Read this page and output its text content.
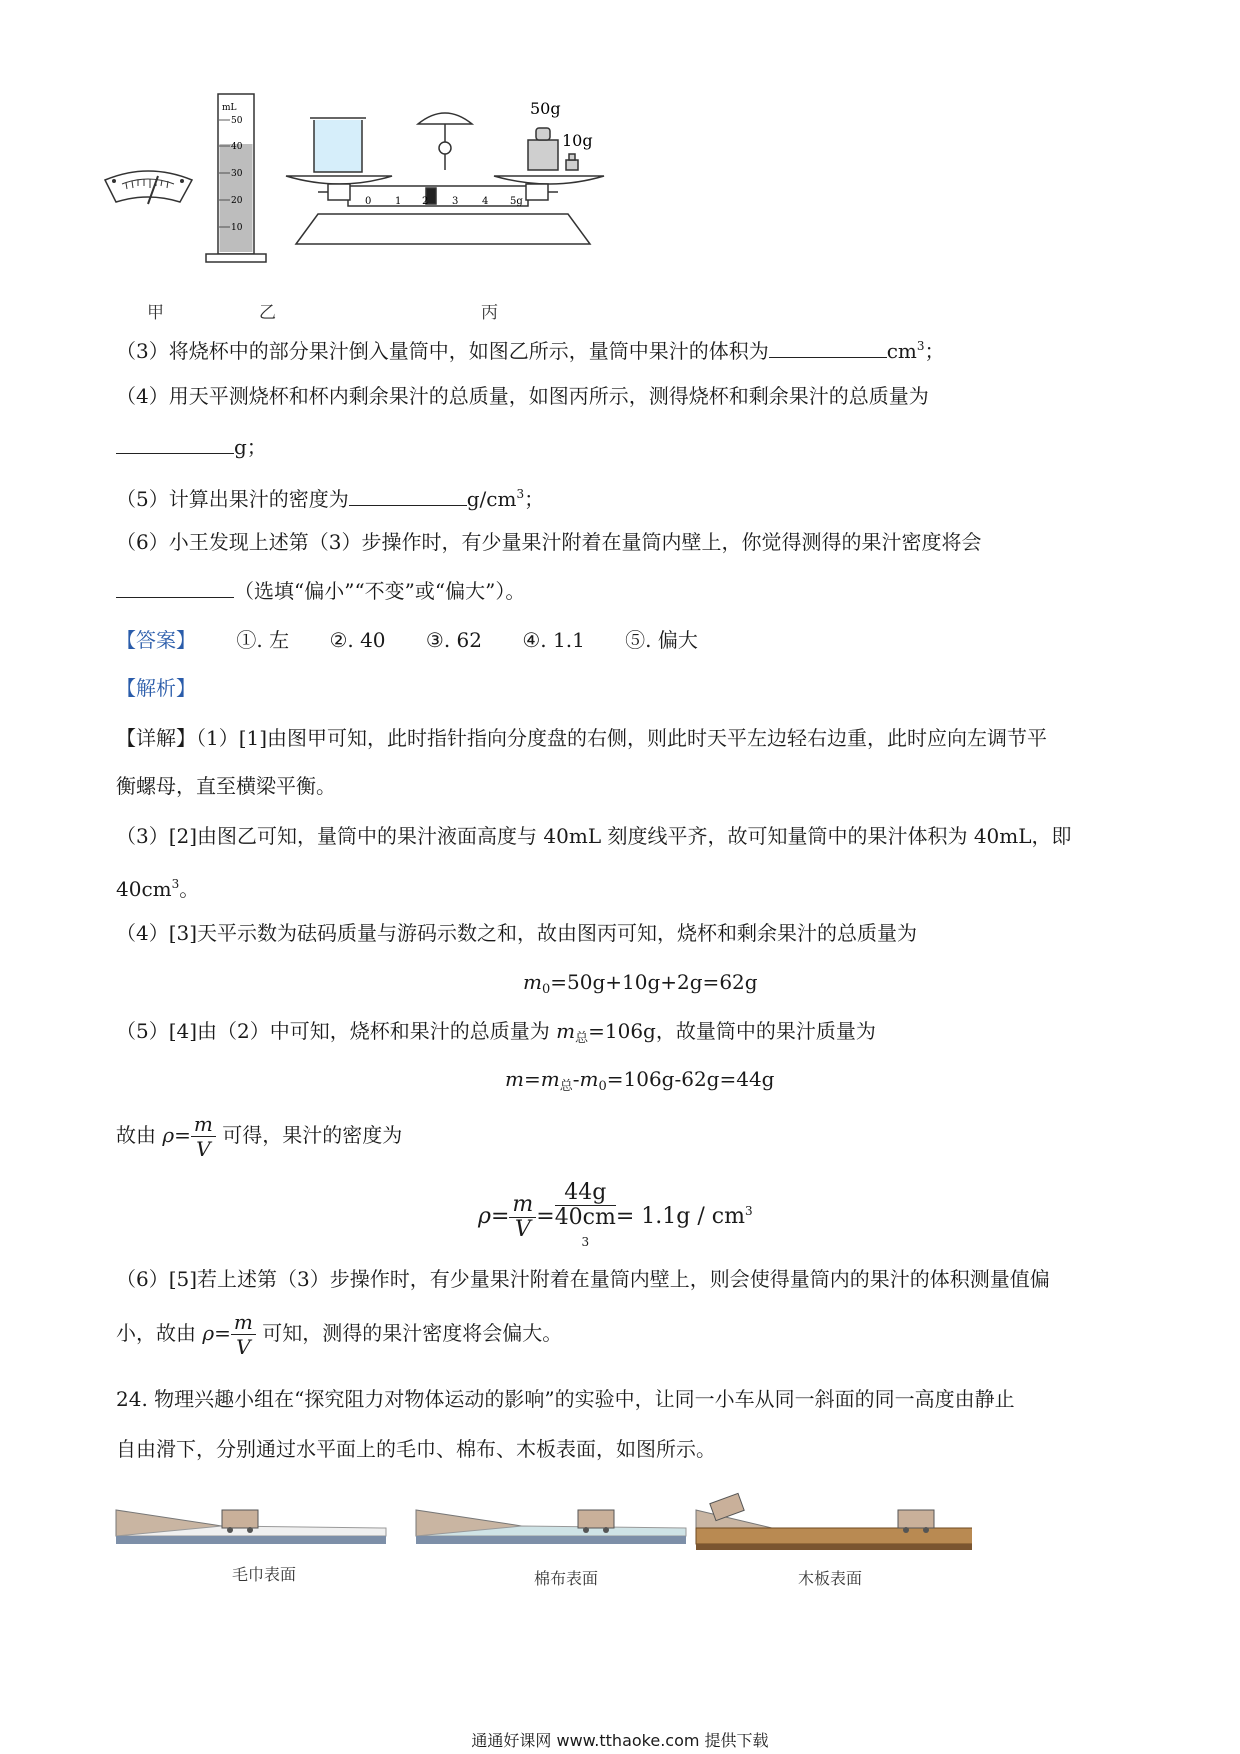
mL
50
40
30
20
10
50g
10g
0 1 2 3 4 5g
甲	乙	丙
（3）将烧杯中的部分果汁倒入量筒中，如图乙所示，量筒中果汁的体积为	$cm^3$；
（4）用天平测烧杯和杯内剩余果汁的总质量，如图丙所示，测得烧杯和剩余果汁的总质量为
g；
（5）计算出果汁的密度为	$g/cm^3$；
（6）小王发现上述第（3）步操作时，有少量果汁附着在量筒内壁上，你觉得测得的果汁密度将会
（选填“偏小”“不变”或“偏大”）。
【答案】 ①. 左 ②. 40 ③. 62 ④. 1.1 ⑤. 偏大
【解析】
【详解】（1）[1]由图甲可知，此时指针指向分度盘的右侧，则此时天平左边轻右边重，此时应向左调节平
衡螺母，直至横梁平衡。
（3）[2]由图乙可知，量筒中的果汁液面高度与 40mL 刻度线平齐，故可知量筒中的果汁体积为 40mL，即
$40cm^3$。
（4）[3]天平示数为砝码质量与游码示数之和，故由图丙可知，烧杯和剩余果汁的总质量为
$m_0=50g+10g+2g=62g$
（5）[4]由（2）中可知，烧杯和果汁的总质量为 $m_总=106g$，故量筒中的果汁质量为
$m=m_总-m_0=106g-62g=44g$
故由 $\rho= \frac{m}{V}$ 可得，果汁的密度为
$\rho= \frac{m}{V} = 44g$
40cm
$3 = 1.1g / cm^3$
（6）[5]若上述第（3）步操作时，有少量果汁附着在量筒内壁上，则会使得量筒内的果汁的体积测量值偏
小，故由 $\rho= \frac{m}{V}$ 可知，测得的果汁密度将会偏大。
24. 物理兴趣小组在“探究阻力对物体运动的影响”的实验中，让同一小车从同一斜面的同一高度由静止
自由滑下，分别通过水平面上的毛巾、棉布、木板表面，如图所示。
毛巾表面	棉布表面	木板表面
通通好课网 www.tthaoke.com 提供下载
